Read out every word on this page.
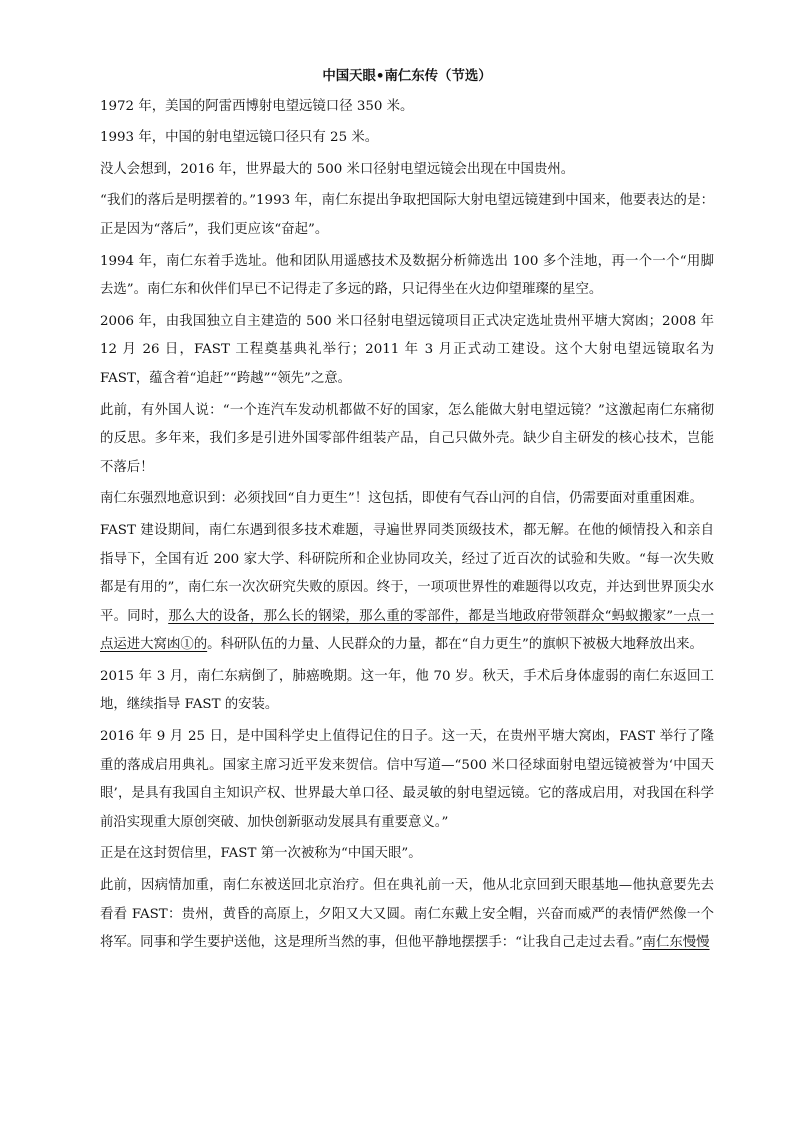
中国天眼•南仁东传（节选）

1972 年，美国的阿雷西博射电望远镜口径 350 米。

1993 年，中国的射电望远镜口径只有 25 米。

没人会想到，2016 年，世界最大的 500 米口径射电望远镜会出现在中国贵州。

“我们的落后是明摆着的。”1993 年，南仁东提出争取把国际大射电望远镜建到中国来，他要表达的是：正是因为“落后”，我们更应该“奋起”。

1994 年，南仁东着手选址。他和团队用遥感技术及数据分析筛选出 100 多个洼地，再一个一个“用脚去选”。南仁东和伙伴们早已不记得走了多远的路，只记得坐在火边仰望璀璨的星空。

2006 年，由我国独立自主建造的 500 米口径射电望远镜项目正式决定选址贵州平塘大窝凼；2008 年 12 月 26 日，FAST 工程奠基典礼举行；2011 年 3 月正式动工建设。这个大射电望远镜取名为 FAST，蕴含着“追赶”“跨越”“领先”之意。

此前，有外国人说：“一个连汽车发动机都做不好的国家，怎么能做大射电望远镜？”这激起南仁东痛彻的反思。多年来，我们多是引进外国零部件组装产品，自己只做外壳。缺少自主研发的核心技术，岂能不落后！

南仁东强烈地意识到：必须找回“自力更生”！这包括，即使有气吞山河的自信，仍需要面对重重困难。

FAST 建设期间，南仁东遇到很多技术难题，寻遍世界同类顶级技术，都无解。在他的倾情投入和亲自指导下，全国有近 200 家大学、科研院所和企业协同攻关，经过了近百次的试验和失败。“每一次失败都是有用的”，南仁东一次次研究失败的原因。终于，一项项世界性的难题得以攻克，并达到世界顶尖水平。同时，那么大的设备，那么长的钢梁，那么重的零部件，都是当地政府带领群众“蚂蚁搬家”一点一点运进大窝凼①的。科研队伍的力量、人民群众的力量，都在“自力更生”的旗帜下被极大地释放出来。

2015 年 3 月，南仁东病倒了，肺癌晚期。这一年，他 70 岁。秋天，手术后身体虚弱的南仁东返回工地，继续指导 FAST 的安装。

2016 年 9 月 25 日，是中国科学史上值得记住的日子。这一天，在贵州平塘大窝凼，FAST 举行了隆重的落成启用典礼。国家主席习近平发来贺信。信中写道—“500 米口径球面射电望远镜被誉为‘中国天眼’，是具有我国自主知识产权、世界最大单口径、最灵敏的射电望远镜。它的落成启用，对我国在科学前沿实现重大原创突破、加快创新驱动发展具有重要意义。”

正是在这封贺信里，FAST 第一次被称为“中国天眼”。

此前，因病情加重，南仁东被送回北京治疗。但在典礼前一天，他从北京回到天眼基地—他执意要先去看看 FAST：贵州，黄昏的高原上，夕阳又大又圆。南仁东戴上安全帽，兴奋而威严的表情俨然像一个将军。同事和学生要护送他，这是理所当然的事，但他平静地摆摆手：“让我自己走过去看。”南仁东慢慢
